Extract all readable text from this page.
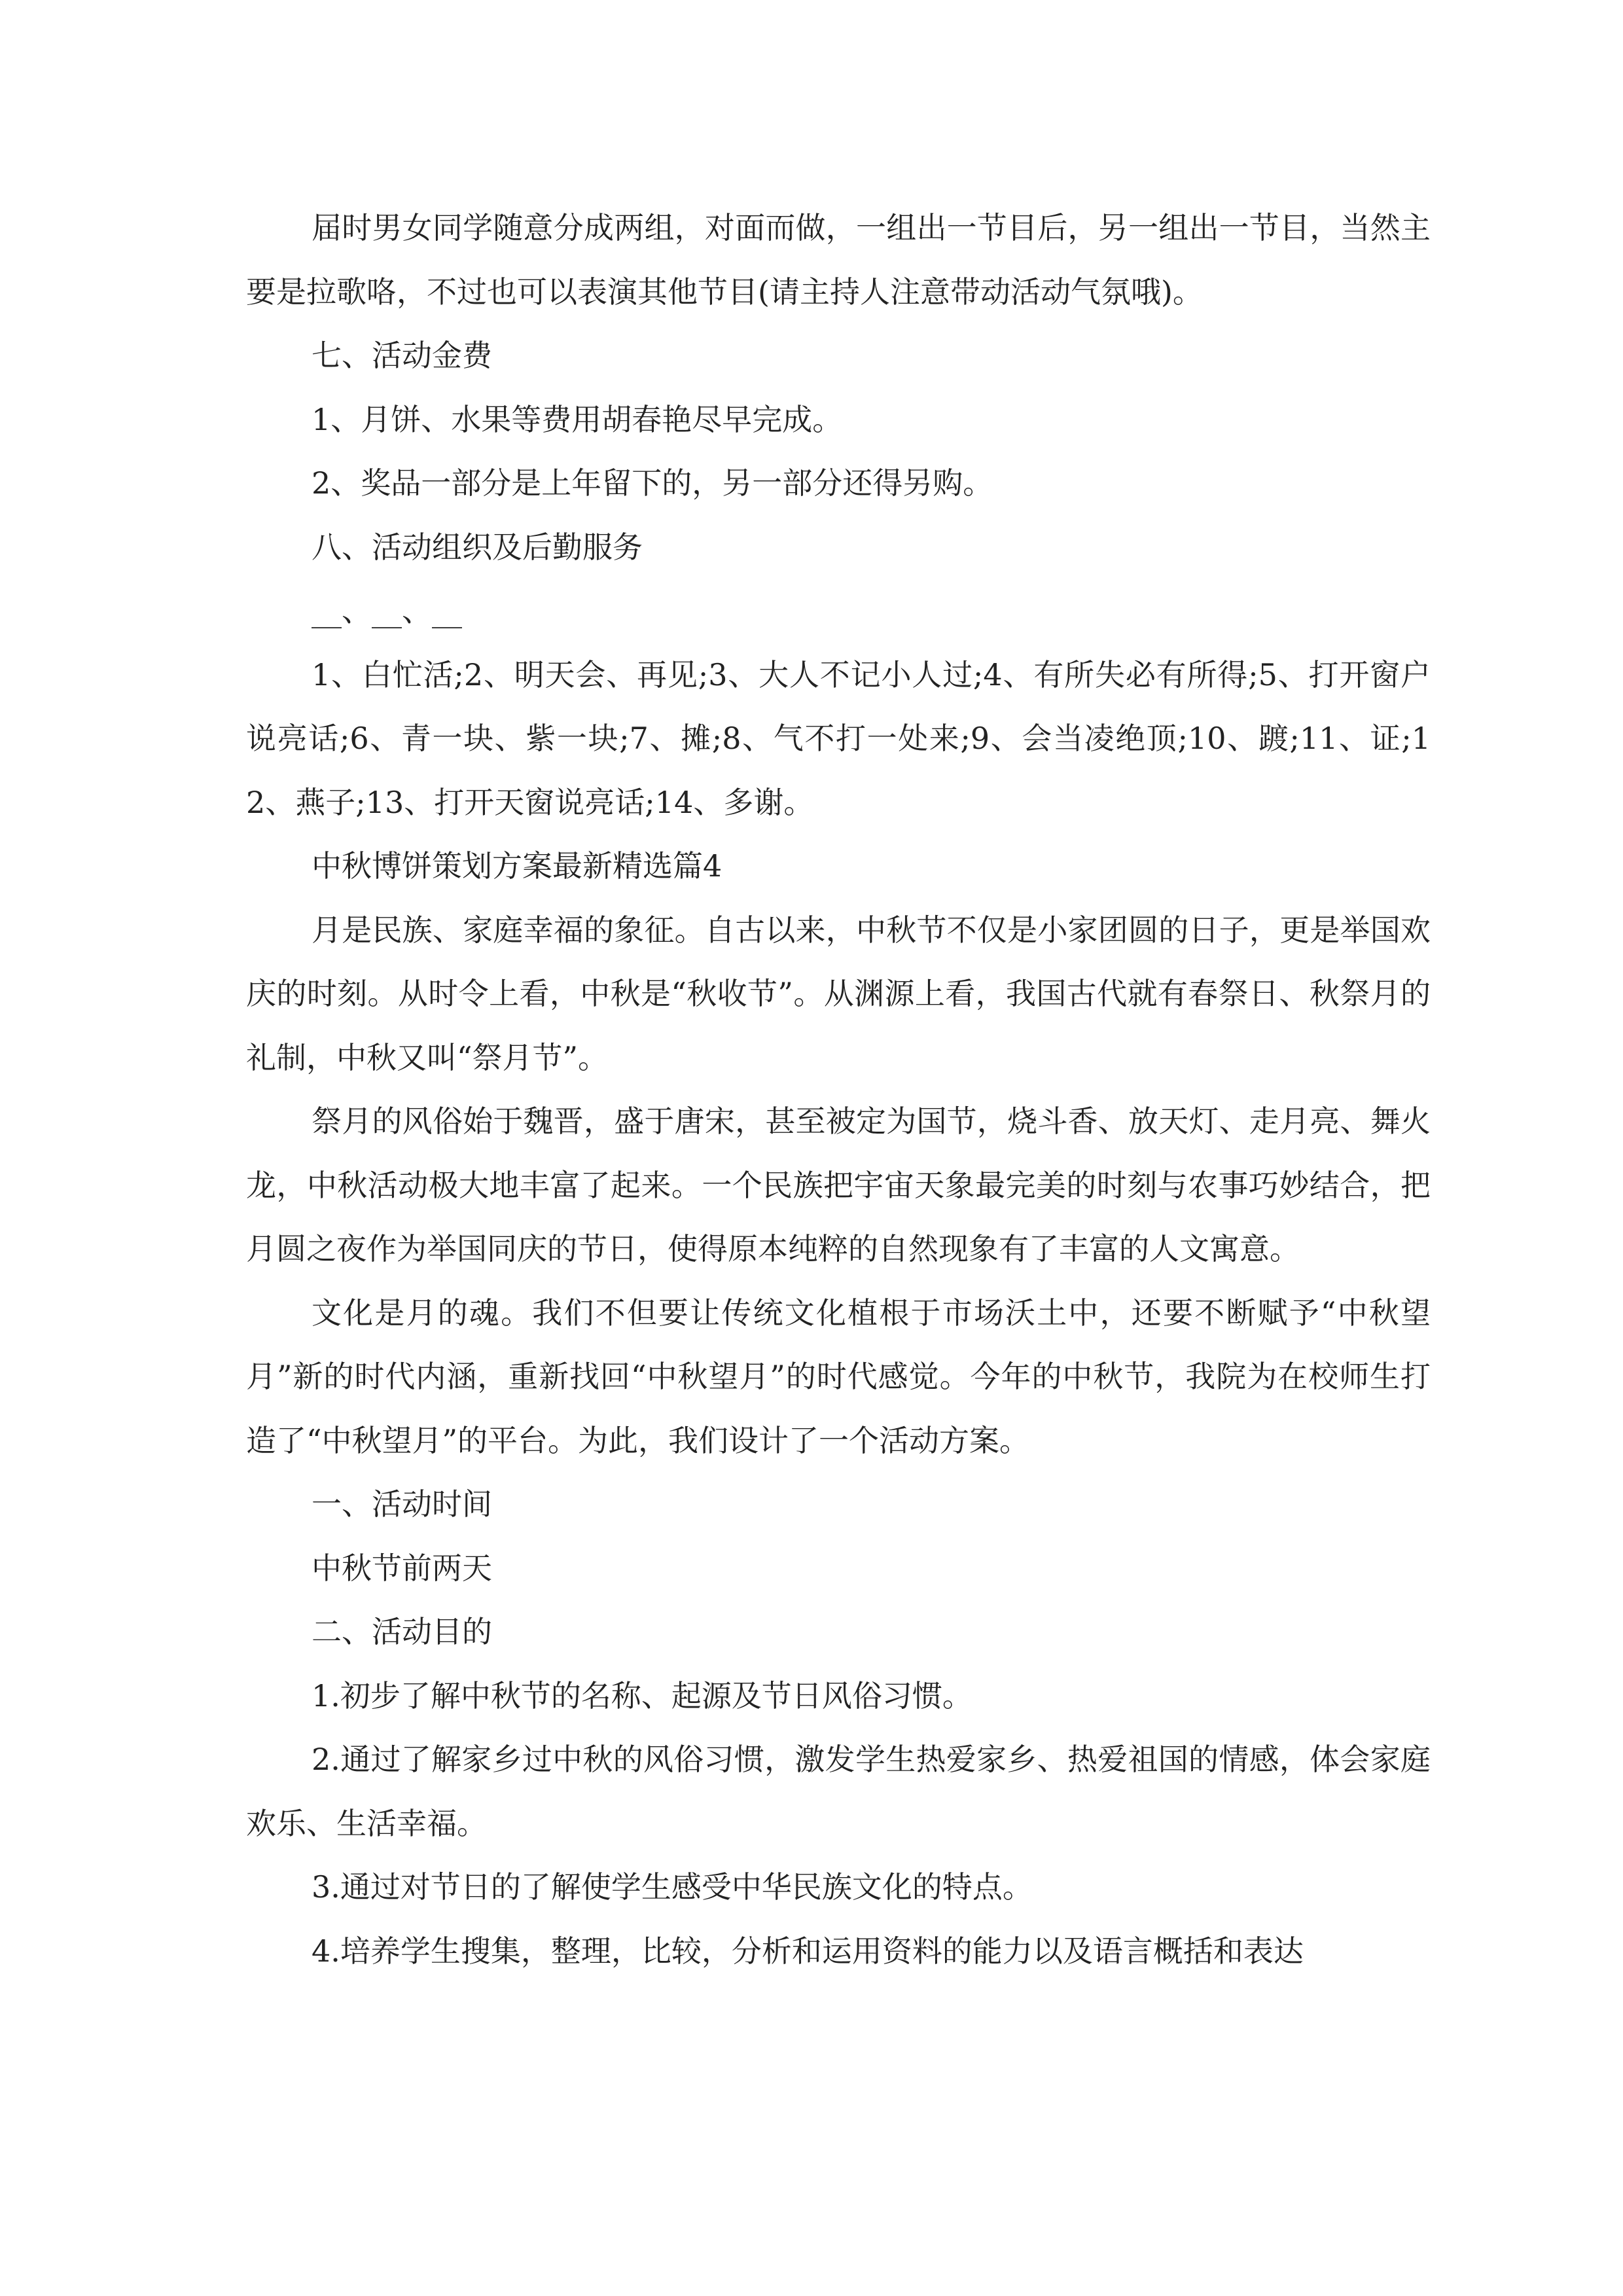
届时男女同学随意分成两组，对面而做，一组出一节目后，另一组出一节目，当然主要是拉歌咯，不过也可以表演其他节目(请主持人注意带动活动气氛哦)。

七、活动金费

1、月饼、水果等费用胡春艳尽早完成。

2、奖品一部分是上年留下的，另一部分还得另购。

八、活动组织及后勤服务

__、__、__

1、白忙活;2、明天会、再见;3、大人不记小人过;4、有所失必有所得;5、打开窗户说亮话;6、青一块、紫一块;7、摊;8、气不打一处来;9、会当凌绝顶;10、踱;11、证;12、燕子;13、打开天窗说亮话;14、多谢。

中秋博饼策划方案最新精选篇4

月是民族、家庭幸福的象征。自古以来，中秋节不仅是小家团圆的日子，更是举国欢庆的时刻。从时令上看，中秋是“秋收节”。从渊源上看，我国古代就有春祭日、秋祭月的礼制，中秋又叫“祭月节”。

祭月的风俗始于魏晋，盛于唐宋，甚至被定为国节，烧斗香、放天灯、走月亮、舞火龙，中秋活动极大地丰富了起来。一个民族把宇宙天象最完美的时刻与农事巧妙结合，把月圆之夜作为举国同庆的节日，使得原本纯粹的自然现象有了丰富的人文寓意。

文化是月的魂。我们不但要让传统文化植根于市场沃土中，还要不断赋予“中秋望月”新的时代内涵，重新找回“中秋望月”的时代感觉。今年的中秋节，我院为在校师生打造了“中秋望月”的平台。为此，我们设计了一个活动方案。

一、活动时间

中秋节前两天

二、活动目的

1.初步了解中秋节的名称、起源及节日风俗习惯。

2.通过了解家乡过中秋的风俗习惯，激发学生热爱家乡、热爱祖国的情感，体会家庭欢乐、生活幸福。

3.通过对节日的了解使学生感受中华民族文化的特点。

4.培养学生搜集，整理，比较，分析和运用资料的能力以及语言概括和表达
